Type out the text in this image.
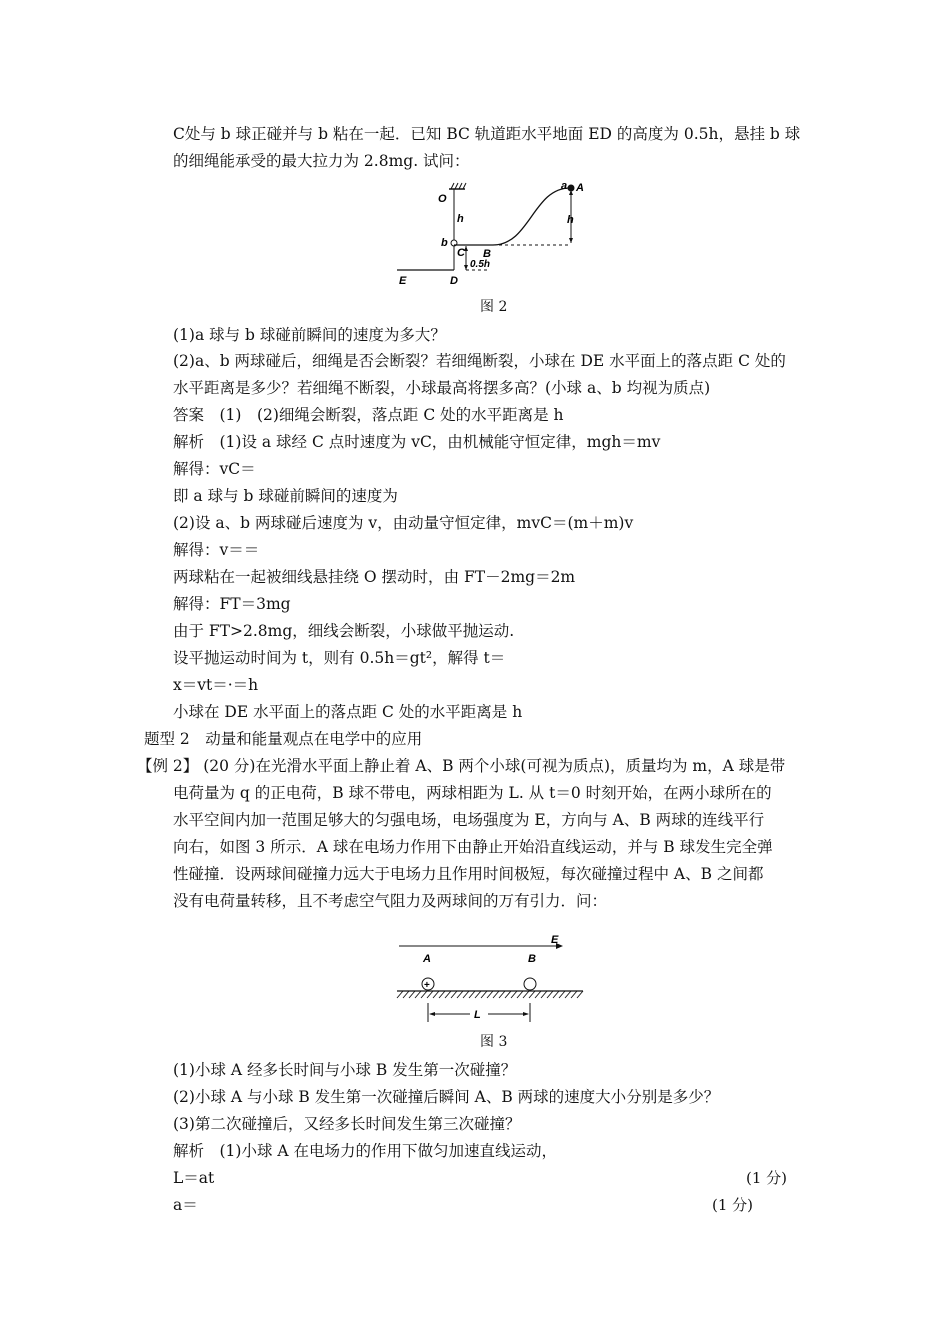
C处与 b 球正碰并与 b 粘在一起．已知 BC 轨道距水平地面 ED 的高度为 0.5h，悬挂 b 球
的细绳能承受的最大拉力为 2.8mg. 试问：
O
h
b
C
0.5h
B
h
a A
E	D
图 2
(1)a 球与 b 球碰前瞬间的速度为多大？
(2)a、b 两球碰后，细绳是否会断裂？若细绳断裂，小球在 DE 水平面上的落点距 C 处的
水平距离是多少？若细绳不断裂，小球最高将摆多高？(小球 a、b 均视为质点)
答案　(1)　(2)细绳会断裂，落点距 C 处的水平距离是 h
解析　(1)设 a 球经 C 点时速度为 vC，由机械能守恒定律，mgh＝mv
解得：vC＝
即 a 球与 b 球碰前瞬间的速度为
(2)设 a、b 两球碰后速度为 v，由动量守恒定律，mvC＝(m＋m)v
解得：v＝＝
两球粘在一起被细线悬挂绕 O 摆动时，由 FT－2mg＝2m
解得：FT＝3mg
由于 FT>2.8mg，细线会断裂，小球做平抛运动.
设平抛运动时间为 t，则有 0.5h＝gt²，解得 t＝
x＝vt＝·＝h
小球在 DE 水平面上的落点距 C 处的水平距离是 h
题型 2　动量和能量观点在电学中的应用
【例 2】 (20 分)在光滑水平面上静止着 A、B 两个小球(可视为质点)，质量均为 m，A 球是带
电荷量为 q 的正电荷，B 球不带电，两球相距为 L. 从 t＝0 时刻开始，在两小球所在的
水平空间内加一范围足够大的匀强电场，电场强度为 E，方向与 A、B 两球的连线平行
向右，如图 3 所示．A 球在电场力作用下由静止开始沿直线运动，并与 B 球发生完全弹
性碰撞．设两球间碰撞力远大于电场力且作用时间极短，每次碰撞过程中 A、B 之间都
没有电荷量转移，且不考虑空气阻力及两球间的万有引力．问：
E
A	B
+
L
图 3
(1)小球 A 经多长时间与小球 B 发生第一次碰撞？
(2)小球 A 与小球 B 发生第一次碰撞后瞬间 A、B 两球的速度大小分别是多少？
(3)第二次碰撞后，又经多长时间发生第三次碰撞？
解析　(1)小球 A 在电场力的作用下做匀加速直线运动，
L＝at	(1 分)
a＝	(1 分)
